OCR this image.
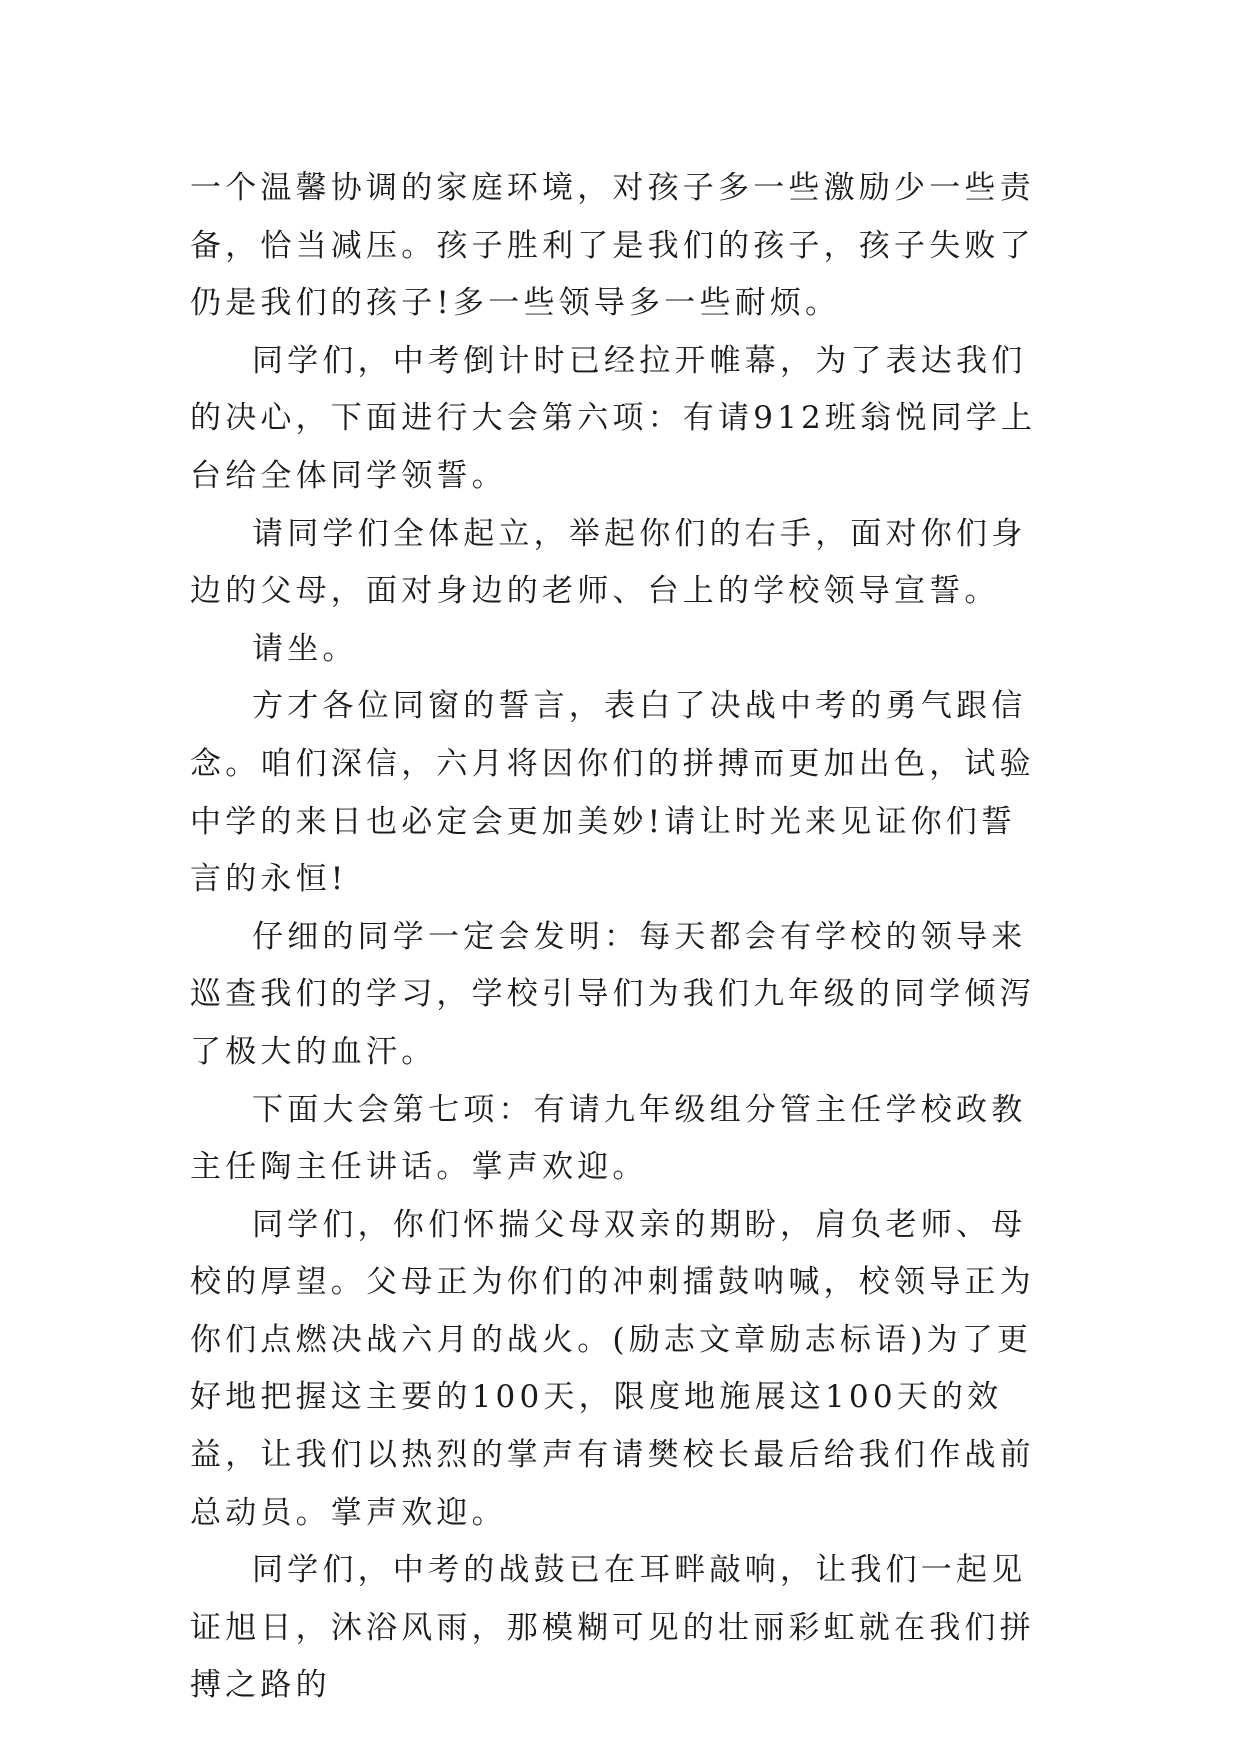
一个温馨协调的家庭环境，对孩子多一些激励少一些责备，恰当减压。孩子胜利了是我们的孩子，孩子失败了仍是我们的孩子!多一些领导多一些耐烦。

同学们，中考倒计时已经拉开帷幕，为了表达我们的决心，下面进行大会第六项：有请912班翁悦同学上台给全体同学领誓。

请同学们全体起立，举起你们的右手，面对你们身边的父母，面对身边的老师、台上的学校领导宣誓。

请坐。

方才各位同窗的誓言，表白了决战中考的勇气跟信念。咱们深信，六月将因你们的拼搏而更加出色，试验中学的来日也必定会更加美妙!请让时光来见证你们誓言的永恒!

仔细的同学一定会发明：每天都会有学校的领导来巡查我们的学习，学校引导们为我们九年级的同学倾泻了极大的血汗。

下面大会第七项：有请九年级组分管主任学校政教主任陶主任讲话。掌声欢迎。

同学们，你们怀揣父母双亲的期盼，肩负老师、母校的厚望。父母正为你们的冲刺擂鼓呐喊，校领导正为你们点燃决战六月的战火。(励志文章励志标语)为了更好地把握这主要的100天，限度地施展这100天的效益，让我们以热烈的掌声有请樊校长最后给我们作战前总动员。掌声欢迎。

同学们，中考的战鼓已在耳畔敲响，让我们一起见证旭日，沐浴风雨，那模糊可见的壮丽彩虹就在我们拼搏之路的
